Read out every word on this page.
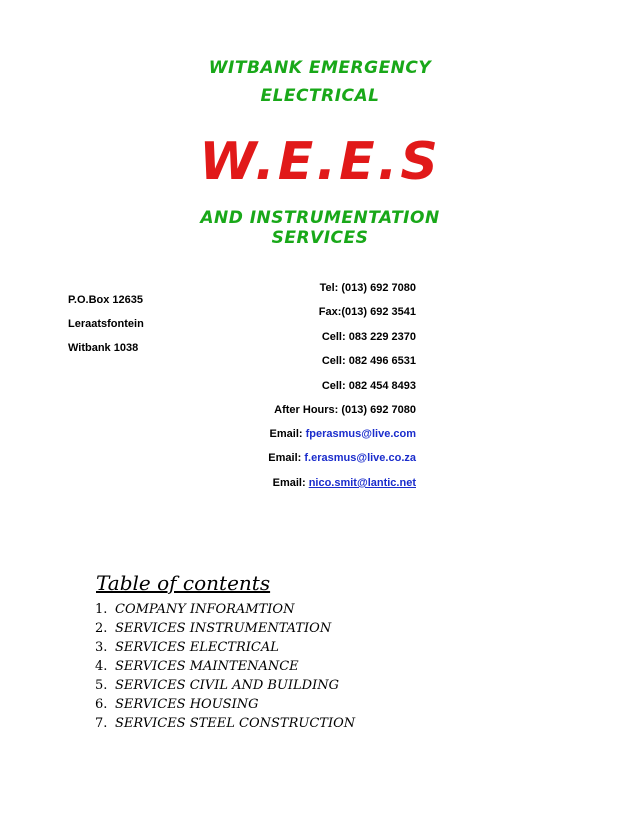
WITBANK EMERGENCY
ELECTRICAL
W.E.E.S
AND INSTRUMENTATION SERVICES
P.O.Box 12635
Leraatsfontein
Witbank 1038
Tel: (013) 692 7080
Fax:(013) 692 3541
Cell: 083 229 2370
Cell: 082 496 6531
Cell: 082 454 8493
After Hours: (013) 692 7080
Email: fperasmus@live.com
Email: f.erasmus@live.co.za
Email: nico.smit@lantic.net
Table of contents
1. COMPANY INFORAMTION
2. SERVICES INSTRUMENTATION
3. SERVICES ELECTRICAL
4. SERVICES MAINTENANCE
5. SERVICES CIVIL AND BUILDING
6. SERVICES HOUSING
7. SERVICES STEEL CONSTRUCTION
